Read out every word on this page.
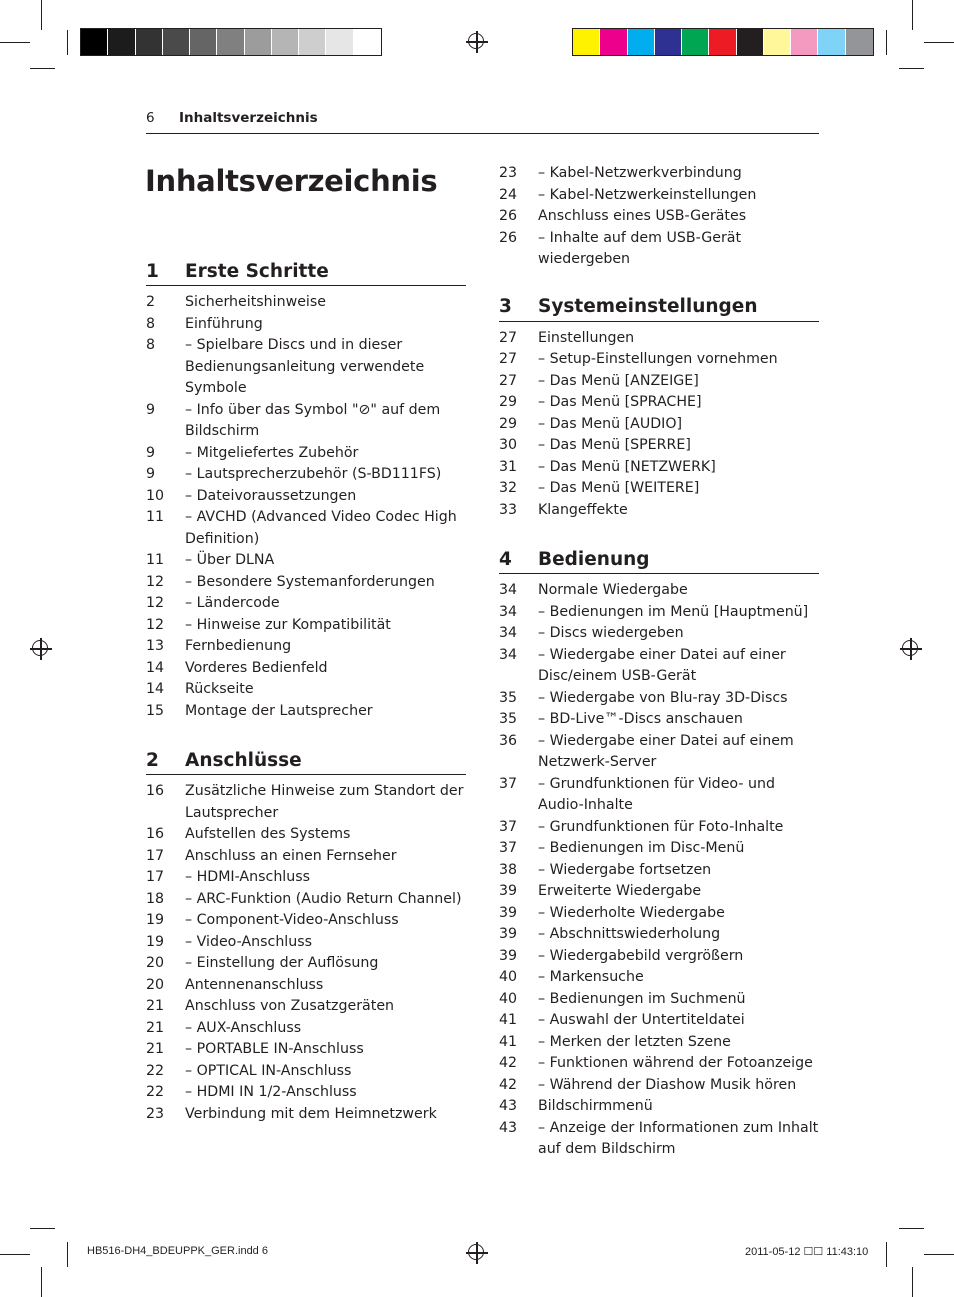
6 Inhaltsverzeichnis
Inhaltsverzeichnis
1	Erste Schritte
2	Sicherheitshinweise
8	Einführung
8	– Spielbare Discs und in dieser Bedienungsanleitung verwendete Symbole
9	– Info über das Symbol "⊘" auf dem Bildschirm
9	– Mitgeliefertes Zubehör
9	– Lautsprecherzubehör (S-BD111FS)
10	– Dateivoraussetzungen
11	– AVCHD (Advanced Video Codec High Definition)
11	– Über DLNA
12	– Besondere Systemanforderungen
12	– Ländercode
12	– Hinweise zur Kompatibilität
13	Fernbedienung
14	Vorderes Bedienfeld
14	Rückseite
15	Montage der Lautsprecher
2	Anschlüsse
16	Zusätzliche Hinweise zum Standort der Lautsprecher
16	Aufstellen des Systems
17	Anschluss an einen Fernseher
17	– HDMI-Anschluss
18	– ARC-Funktion (Audio Return Channel)
19	– Component-Video-Anschluss
19	– Video-Anschluss
20	– Einstellung der Auflösung
20	Antennenanschluss
21	Anschluss von Zusatzgeräten
21	– AUX-Anschluss
21	– PORTABLE IN-Anschluss
22	– OPTICAL IN-Anschluss
22	– HDMI IN 1/2-Anschluss
23	Verbindung mit dem Heimnetzwerk
23	– Kabel-Netzwerkverbindung
24	– Kabel-Netzwerkeinstellungen
26	Anschluss eines USB-Gerätes
26	– Inhalte auf dem USB-Gerät wiedergeben
3	Systemeinstellungen
27	Einstellungen
27	– Setup-Einstellungen vornehmen
27	– Das Menü [ANZEIGE]
29	– Das Menü [SPRACHE]
29	– Das Menü [AUDIO]
30	– Das Menü [SPERRE]
31	– Das Menü [NETZWERK]
32	– Das Menü [WEITERE]
33	Klangeffekte
4	Bedienung
34	Normale Wiedergabe
34	– Bedienungen im Menü [Hauptmenü]
34	– Discs wiedergeben
34	– Wiedergabe einer Datei auf einer Disc/einem USB-Gerät
35	– Wiedergabe von Blu-ray 3D-Discs
35	– BD-Live™-Discs anschauen
36	– Wiedergabe einer Datei auf einem Netzwerk-Server
37	– Grundfunktionen für Video- und Audio-Inhalte
37	– Grundfunktionen für Foto-Inhalte
37	– Bedienungen im Disc-Menü
38	– Wiedergabe fortsetzen
39	Erweiterte Wiedergabe
39	– Wiederholte Wiedergabe
39	– Abschnittswiederholung
39	– Wiedergabebild vergrößern
40	– Markensuche
40	– Bedienungen im Suchmenü
41	– Auswahl der Untertiteldatei
41	– Merken der letzten Szene
42	– Funktionen während der Fotoanzeige
42	– Während der Diashow Musik hören
43	Bildschirmmenü
43	– Anzeige der Informationen zum Inhalt auf dem Bildschirm
HB516-DH4_BDEUPPK_GER.indd 6	2011-05-12 ☐☐ 11:43:10
